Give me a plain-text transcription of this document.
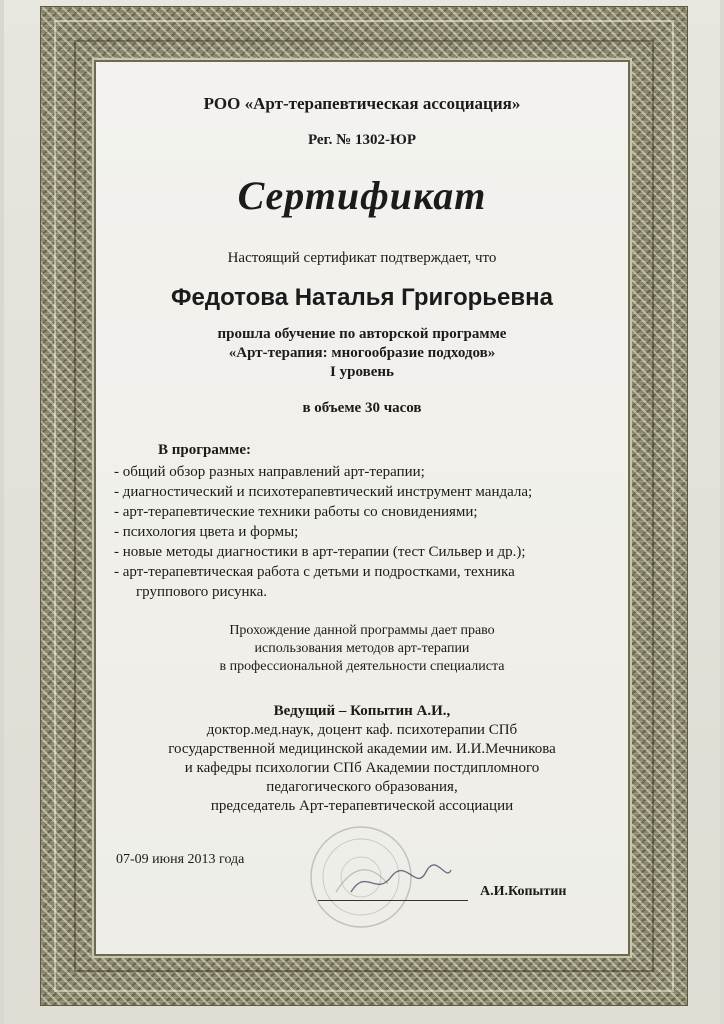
РОО «Арт-терапевтическая ассоциация»
Рег. № 1302-ЮР
Сертификат
Настоящий сертификат подтверждает, что
Федотова Наталья Григорьевна
прошла обучение по авторской программе
«Арт-терапия: многообразие подходов»
I уровень
в объеме 30 часов
В программе:
- общий обзор разных направлений арт-терапии;
- диагностический и психотерапевтический инструмент мандала;
- арт-терапевтические техники работы со сновидениями;
- психология цвета и формы;
- новые методы диагностики в арт-терапии (тест Сильвер и др.);
- арт-терапевтическая работа с детьми и подростками, техника
группового рисунка.
Прохождение данной программы дает право
использования методов арт-терапии
в профессиональной деятельности специалиста
Ведущий – Копытин А.И.,
доктор.мед.наук, доцент каф. психотерапии СПб
государственной медицинской академии им. И.И.Мечникова
и кафедры психологии СПб Академии постдипломного
педагогического образования,
председатель Арт-терапевтической ассоциации
07-09 июня 2013 года
А.И.Копытин
